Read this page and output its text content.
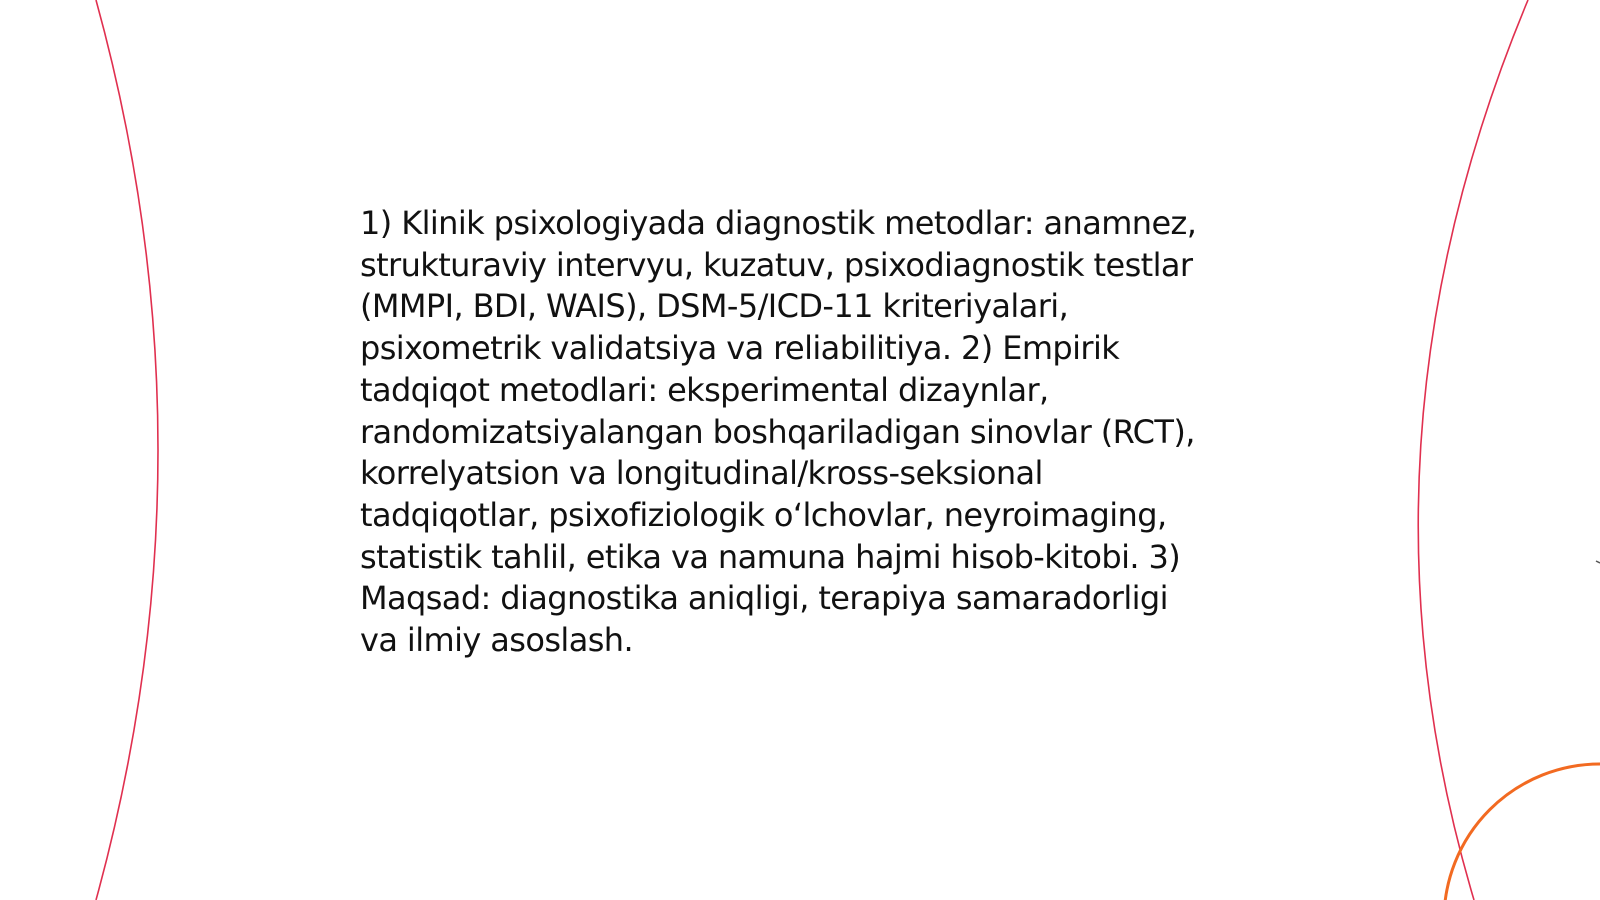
1) Klinik psixologiyada diagnostik metodlar: anamnez,
strukturaviy intervyu, kuzatuv, psixodiagnostik testlar
(MMPI, BDI, WAIS), DSM-5/ICD-11 kriteriyalari,
psixometrik validatsiya va reliabilitiya. 2) Empirik
tadqiqot metodlari: eksperimental dizaynlar,
randomizatsiyalangan boshqariladigan sinovlar (RCT),
korrelyatsion va longitudinal/kross-seksional
tadqiqotlar, psixofiziologik oʻlchovlar, neyroimaging,
statistik tahlil, etika va namuna hajmi hisob-kitobi. 3)
Maqsad: diagnostika aniqligi, terapiya samaradorligi
va ilmiy asoslash.
